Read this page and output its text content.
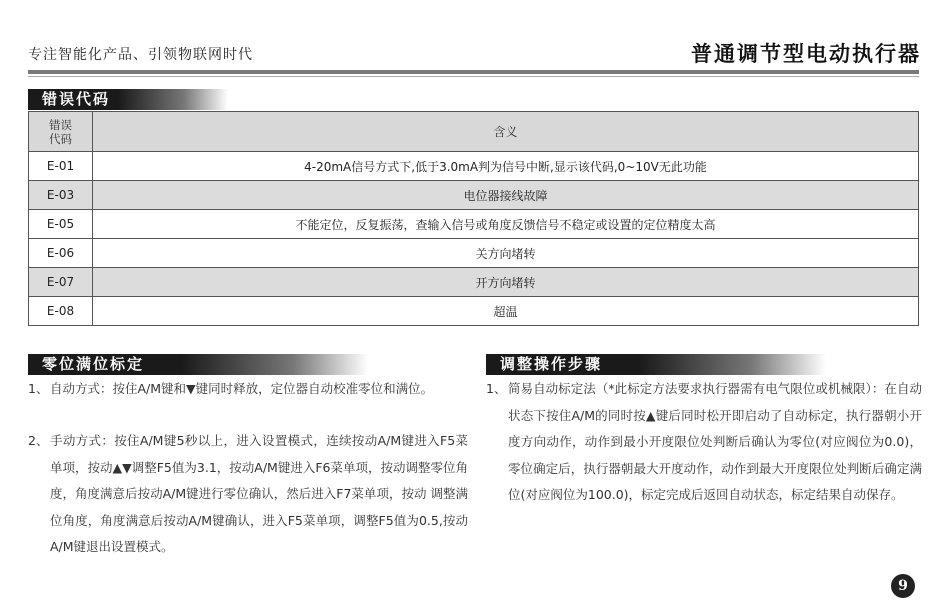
专注智能化产品、引领物联网时代	普通调节型电动执行器
错误代码
错误
代码	含义
E-01	4-20mA信号方式下,低于3.0mA判为信号中断,显示该代码,0~10V无此功能
E-03	电位器接线故障
E-05	不能定位，反复振荡，查输入信号或角度反馈信号不稳定或设置的定位精度太高
E-06	关方向堵转
E-07	开方向堵转
E-08	超温
零位满位标定
1、 自动方式：按住A/M键和▼键同时释放，定位器自动校准零位和满位。
2、 手动方式：按住A/M键5秒以上，进入设置模式，连续按动A/M键进入F5菜单项，按动▲▼调整F5值为3.1，按动A/M键进入F6菜单项，按动调整零位角度，角度满意后按动A/M键进行零位确认，然后进入F7菜单项，按动 调整满位角度，角度满意后按动A/M键确认，进入F5菜单项，调整F5值为0.5,按动A/M键退出设置模式。
调整操作步骤
1、 简易自动标定法（*此标定方法要求执行器需有电气限位或机械限）：在自动状态下按住A/M的同时按▲键后同时松开即启动了自动标定，执行器朝小开度方向动作，动作到最小开度限位处判断后确认为零位(对应阀位为0.0)，零位确定后，执行器朝最大开度动作，动作到最大开度限位处判断后确定满位(对应阀位为100.0)，标定完成后返回自动状态，标定结果自动保存。
9
